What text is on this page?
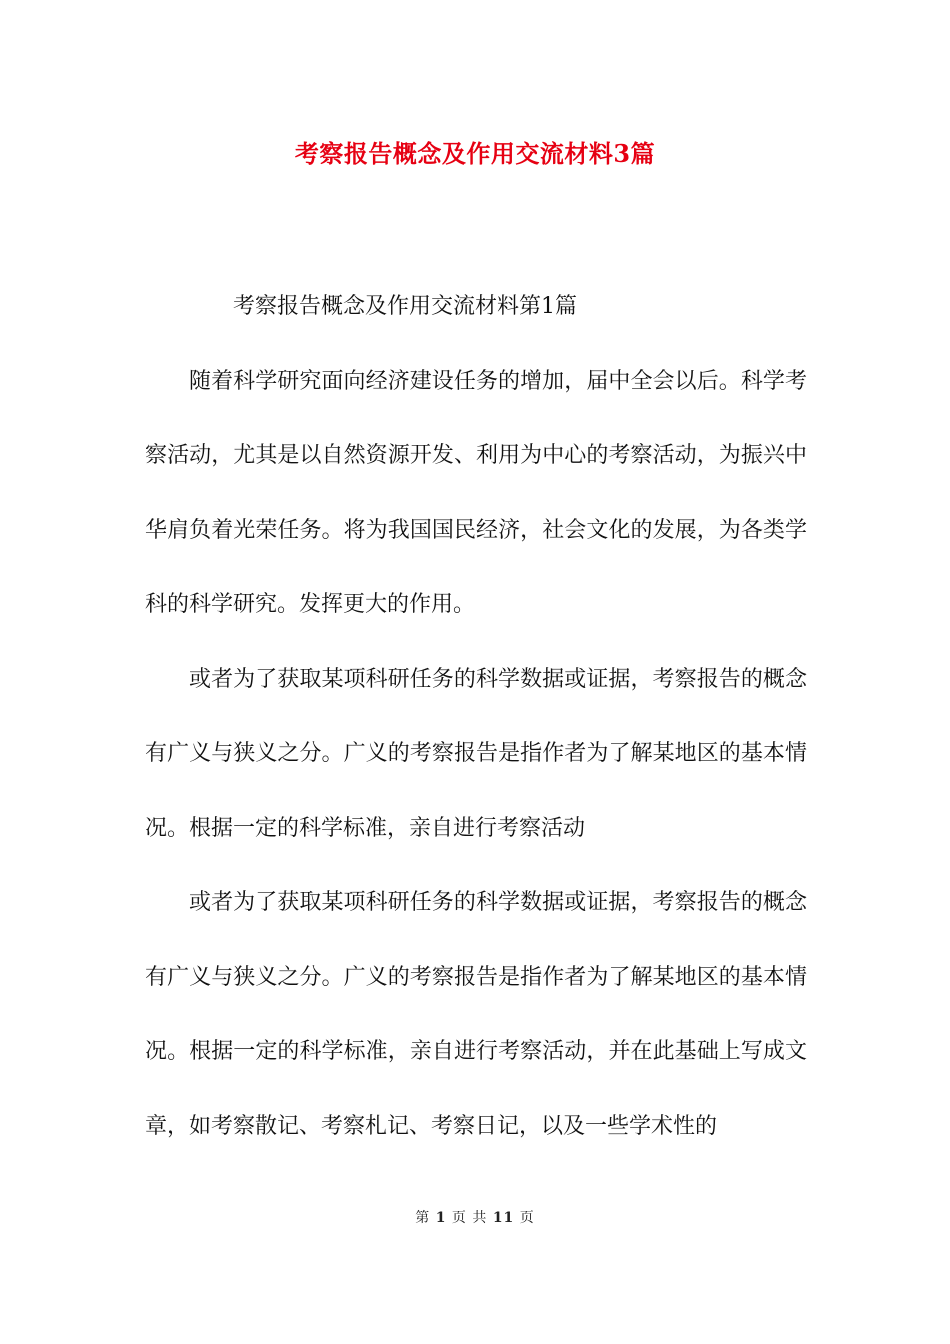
考察报告概念及作用交流材料3篇

考察报告概念及作用交流材料第1篇

随着科学研究面向经济建设任务的增加，届中全会以后。科学考察活动，尤其是以自然资源开发、利用为中心的考察活动，为振兴中华肩负着光荣任务。将为我国国民经济，社会文化的发展，为各类学科的科学研究。发挥更大的作用。

或者为了获取某项科研任务的科学数据或证据，考察报告的概念有广义与狭义之分。广义的考察报告是指作者为了解某地区的基本情况。根据一定的科学标准，亲自进行考察活动

或者为了获取某项科研任务的科学数据或证据，考察报告的概念有广义与狭义之分。广义的考察报告是指作者为了解某地区的基本情况。根据一定的科学标准，亲自进行考察活动，并在此基础上写成文章，如考察散记、考察札记、考察日记，以及一些学术性的

第 1 页 共 11 页
